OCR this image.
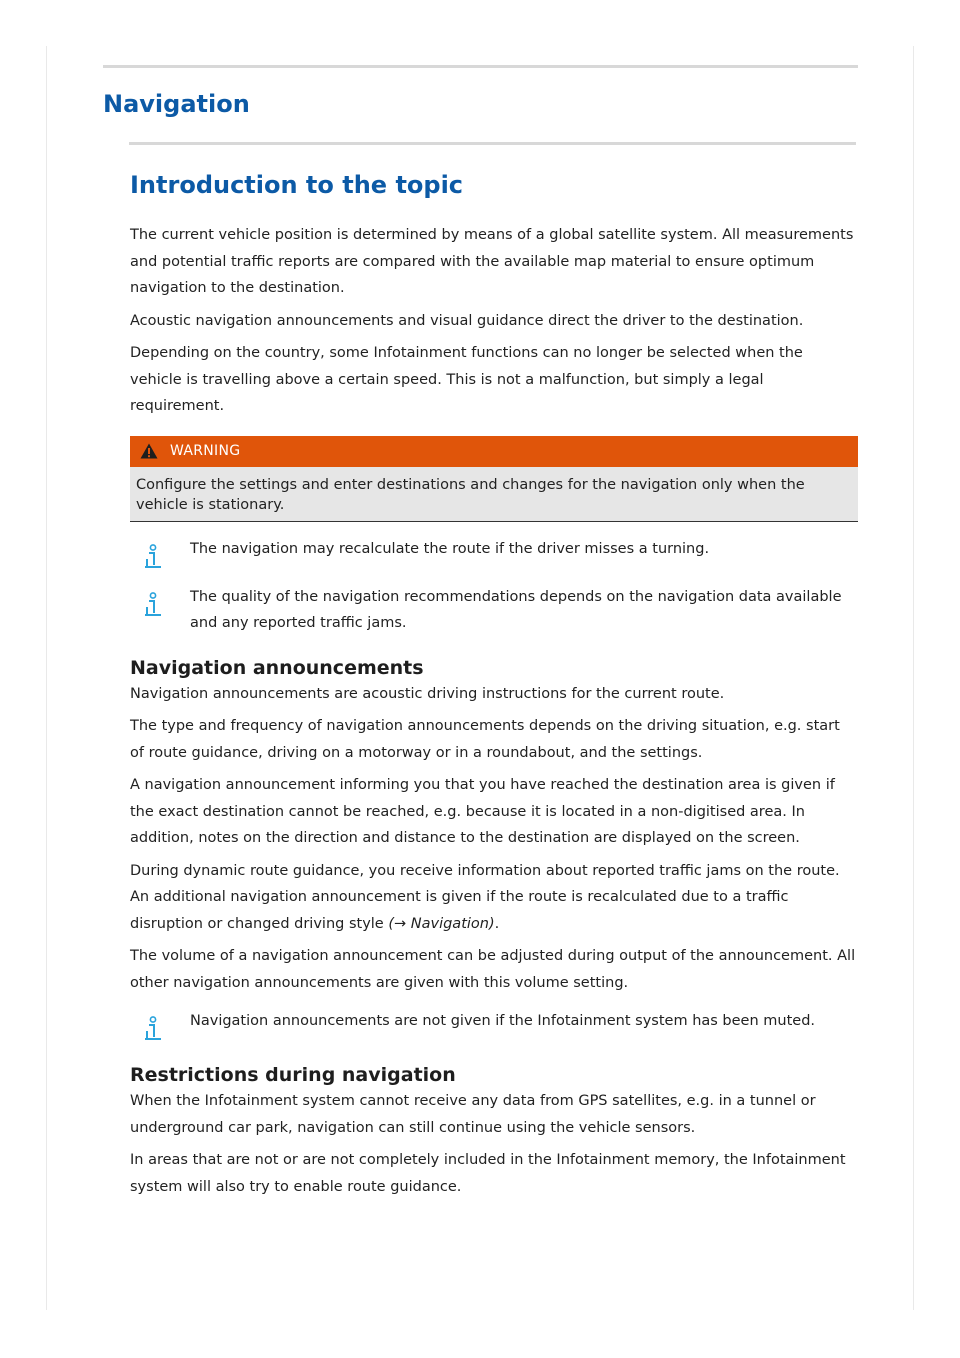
Navigation
Introduction to the topic

The current vehicle position is determined by means of a global satellite system. All measurements and potential traffic reports are compared with the available map material to ensure optimum navigation to the destination.

Acoustic navigation announcements and visual guidance direct the driver to the destination.

Depending on the country, some Infotainment functions can no longer be selected when the vehicle is travelling above a certain speed. This is not a malfunction, but simply a legal requirement.

WARNING
Configure the settings and enter destinations and changes for the navigation only when the vehicle is stationary.

The navigation may recalculate the route if the driver misses a turning.

The quality of the navigation recommendations depends on the navigation data available and any reported traffic jams.

Navigation announcements

Navigation announcements are acoustic driving instructions for the current route.

The type and frequency of navigation announcements depends on the driving situation, e.g. start of route guidance, driving on a motorway or in a roundabout, and the settings.

A navigation announcement informing you that you have reached the destination area is given if the exact destination cannot be reached, e.g. because it is located in a non-digitised area. In addition, notes on the direction and distance to the destination are displayed on the screen.

During dynamic route guidance, you receive information about reported traffic jams on the route. An additional navigation announcement is given if the route is recalculated due to a traffic disruption or changed driving style (→ Navigation).

The volume of a navigation announcement can be adjusted during output of the announcement. All other navigation announcements are given with this volume setting.

Navigation announcements are not given if the Infotainment system has been muted.

Restrictions during navigation

When the Infotainment system cannot receive any data from GPS satellites, e.g. in a tunnel or underground car park, navigation can still continue using the vehicle sensors.

In areas that are not or are not completely included in the Infotainment memory, the Infotainment system will also try to enable route guidance.
